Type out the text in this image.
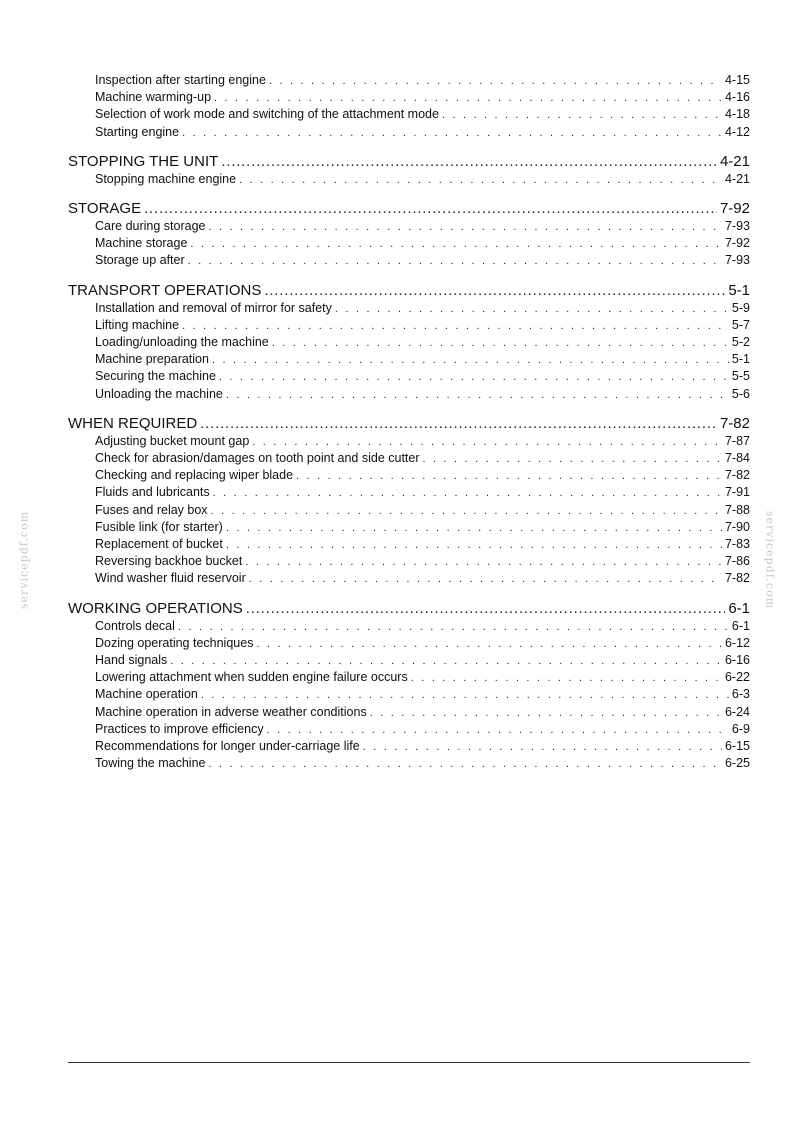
Inspection after starting engine . . .	4-15
Machine warming-up . . .	4-16
Selection of work mode and switching of the attachment mode . . .	4-18
Starting engine . . .	4-12
STOPPING THE UNIT .....	4-21
Stopping machine engine . . .	4-21
STORAGE .....	7-92
Care during storage . . .	7-93
Machine storage . . .	7-92
Storage up after . . .	7-93
TRANSPORT OPERATIONS .....	5-1
Installation and removal of mirror for safety . . .	5-9
Lifting machine . . .	5-7
Loading/unloading the machine . . .	5-2
Machine preparation . . .	5-1
Securing the machine . . .	5-5
Unloading the machine . . .	5-6
WHEN REQUIRED .....	7-82
Adjusting bucket mount gap . . .	7-87
Check for abrasion/damages on tooth point and side cutter . . .	7-84
Checking and replacing wiper blade . . .	7-82
Fluids and lubricants . . .	7-91
Fuses and relay box . . .	7-88
Fusible link (for starter) . . .	7-90
Replacement of bucket . . .	7-83
Reversing backhoe bucket . . .	7-86
Wind washer fluid reservoir . . .	7-82
WORKING OPERATIONS .....	6-1
Controls decal . . .	6-1
Dozing operating techniques . . .	6-12
Hand signals . . .	6-16
Lowering attachment when sudden engine failure occurs . . .	6-22
Machine operation . . .	6-3
Machine operation in adverse weather conditions . . .	6-24
Practices to improve efficiency . . .	6-9
Recommendations for longer under-carriage life . . .	6-15
Towing the machine . . .	6-25
servicepdf.com	servicepdf.com
